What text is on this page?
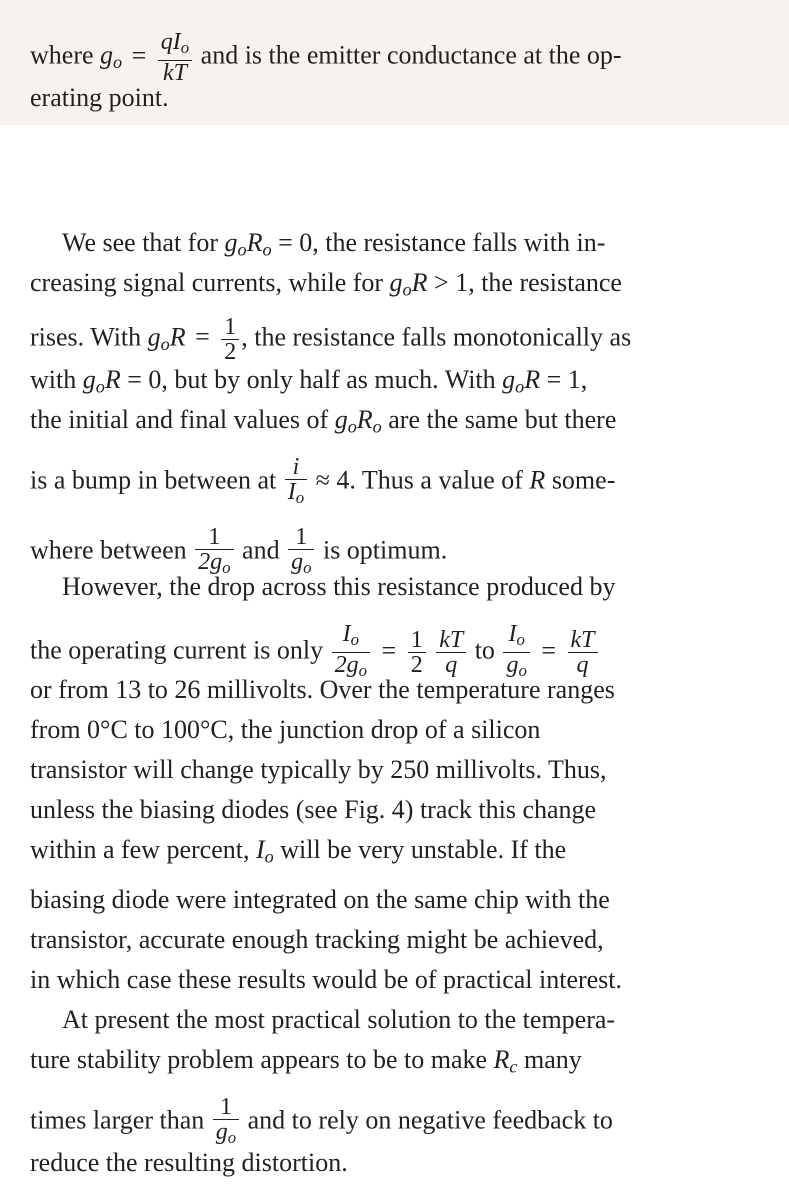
where $g_o = \frac{qI_o}{kT}$ and is the emitter conductance at the op-
erating point.
We see that for $g_oR_o = 0$, the resistance falls with in-
creasing signal currents, while for $g_oR > 1$, the resistance
rises. With $g_oR = \frac{1}{2}$ , the resistance falls monotonically as
with $g_oR = 0$, but by only half as much. With $g_oR = 1$,
the initial and final values of $g_oR_o$ are the same but there
is a bump in between at $\frac{i}{I_o} \approx 4$. Thus a value of R some-
where between $\frac{1}{2g_o}$ and $\frac{1}{g_o}$ is optimum.
However, the drop across this resistance produced by
the operating current is only $\frac{I_o}{2g_o} = \frac{1}{2}$
$\frac{kT}{q}$ to $\frac{I_o}{g_o} = \frac{kT}{q}$
or from 13 to 26 millivolts. Over the temperature ranges
from 0°C to 100°C, the junction drop of a silicon
transistor will change typically by 250 millivolts. Thus,
unless the biasing diodes (see Fig. 4) track this change
within a few percent, $I_o$ will be very unstable. If the
biasing diode were integrated on the same chip with the
transistor, accurate enough tracking might be achieved,
in which case these results would be of practical interest.
At present the most practical solution to the tempera-
ture stability problem appears to be to make $R_c$ many
times larger than $\frac{1}{g_o}$ and to rely on negative feedback to
reduce the resulting distortion.
